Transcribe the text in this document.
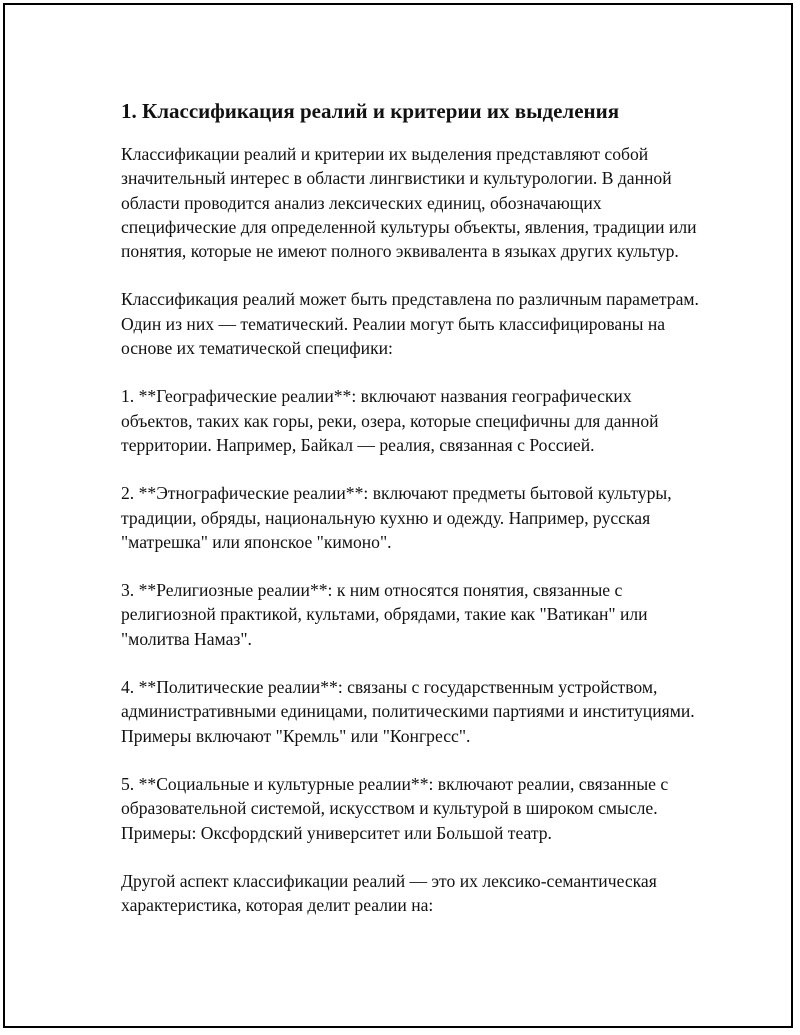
1. Классификация реалий и критерии их выделения

Классификации реалий и критерии их выделения представляют собой значительный интерес в области лингвистики и культурологии. В данной области проводится анализ лексических единиц, обозначающих специфические для определенной культуры объекты, явления, традиции или понятия, которые не имеют полного эквивалента в языках других культур.

Классификация реалий может быть представлена по различным параметрам. Один из них — тематический. Реалии могут быть классифицированы на основе их тематической специфики:

1. **Географические реалии**: включают названия географических объектов, таких как горы, реки, озера, которые специфичны для данной территории. Например, Байкал — реалия, связанная с Россией.

2. **Этнографические реалии**: включают предметы бытовой культуры, традиции, обряды, национальную кухню и одежду. Например, русская "матрешка" или японское "кимоно".

3. **Религиозные реалии**: к ним относятся понятия, связанные с религиозной практикой, культами, обрядами, такие как "Ватикан" или "молитва Намаз".

4. **Политические реалии**: связаны с государственным устройством, административными единицами, политическими партиями и институциями. Примеры включают "Кремль" или "Конгресс".

5. **Социальные и культурные реалии**: включают реалии, связанные с образовательной системой, искусством и культурой в широком смысле. Примеры: Оксфордский университет или Большой театр.

Другой аспект классификации реалий — это их лексико-семантическая характеристика, которая делит реалии на:
